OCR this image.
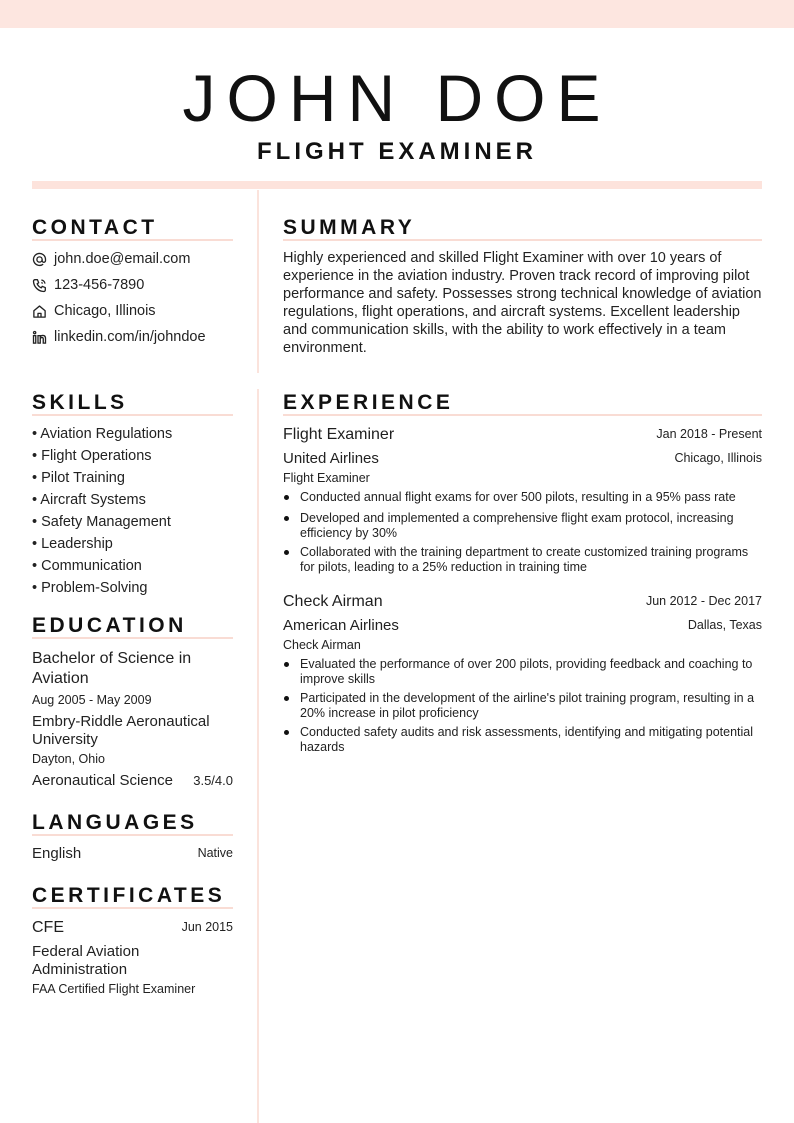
JOHN DOE
FLIGHT EXAMINER
CONTACT
john.doe@email.com
123-456-7890
Chicago, Illinois
linkedin.com/in/johndoe
SUMMARY

Highly experienced and skilled Flight Examiner with over 10 years of experience in the aviation industry. Proven track record of improving pilot performance and safety. Possesses strong technical knowledge of aviation regulations, flight operations, and aircraft systems. Excellent leadership and communication skills, with the ability to work effectively in a team environment.

SKILLS
• Aviation Regulations
• Flight Operations
• Pilot Training
• Aircraft Systems
• Safety Management
• Leadership
• Communication
• Problem-Solving
EDUCATION
Bachelor of Science in Aviation
Aug 2005 - May 2009
Embry-Riddle Aeronautical University
Dayton, Ohio
Aeronautical Science	3.5/4.0
LANGUAGES
English	Native
CERTIFICATES
CFE	Jun 2015
Federal Aviation Administration
FAA Certified Flight Examiner
EXPERIENCE
Flight Examiner	Jan 2018 - Present
United Airlines	Chicago, Illinois
Flight Examiner
Conducted annual flight exams for over 500 pilots, resulting in a 95% pass rate
Developed and implemented a comprehensive flight exam protocol, increasing efficiency by 30%
Collaborated with the training department to create customized training programs for pilots, leading to a 25% reduction in training time
Check Airman	Jun 2012 - Dec 2017
American Airlines	Dallas, Texas
Check Airman
Evaluated the performance of over 200 pilots, providing feedback and coaching to improve skills
Participated in the development of the airline's pilot training program, resulting in a 20% increase in pilot proficiency
Conducted safety audits and risk assessments, identifying and mitigating potential hazards
